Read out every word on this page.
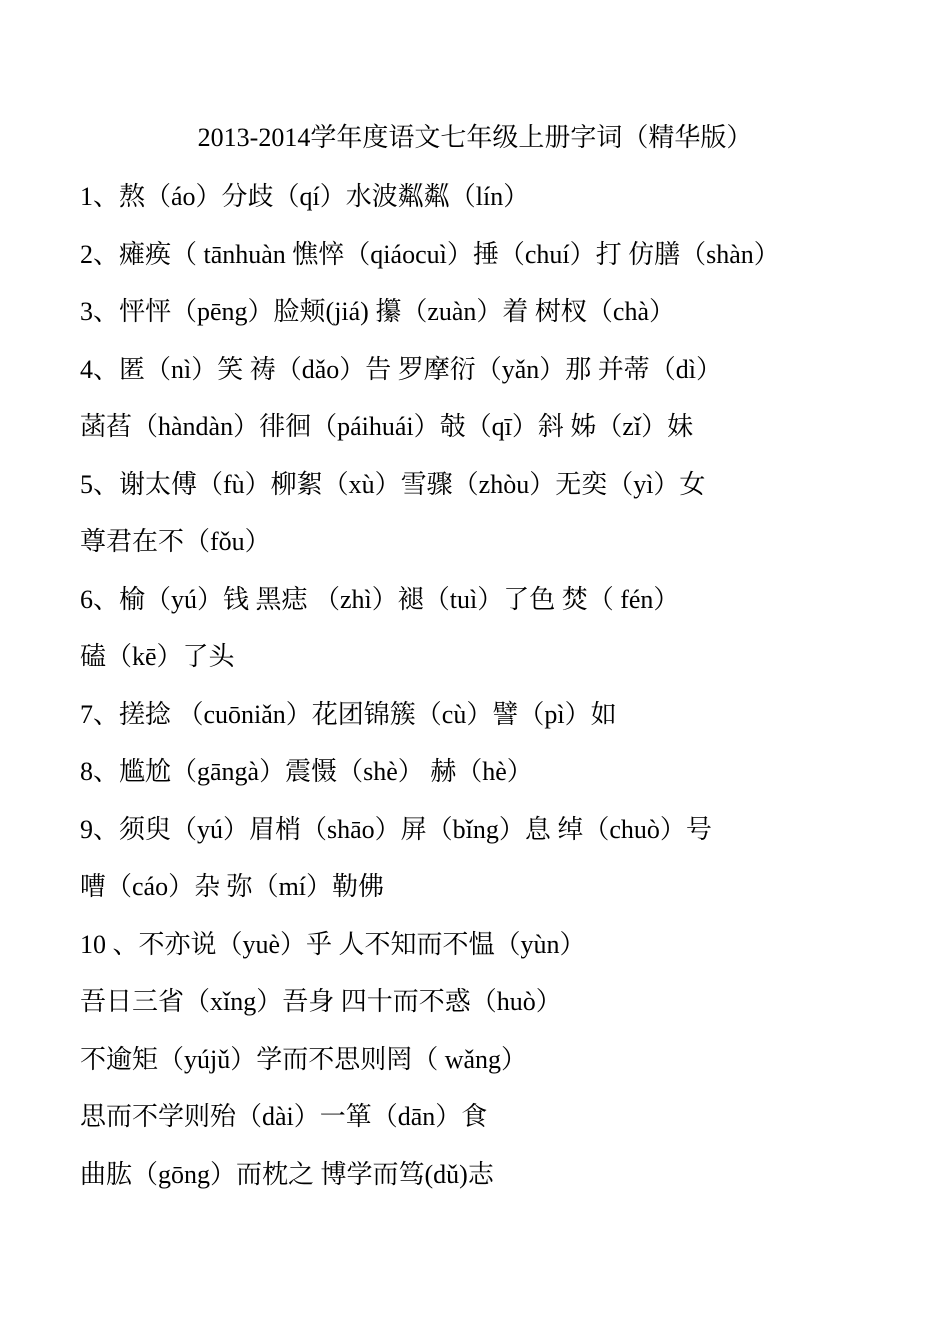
2013-2014学年度语文七年级上册字词（精华版）
1、熬（áo）分歧（qí）水波粼粼（lín）
2、瘫痪（ tānhuàn 憔悴（qiáocuì）捶（chuí）打 仿膳（shàn）
3、怦怦（pēng）脸颊(jiá) 攥（zuàn）着 树杈（chà）
4、匿（nì）笑 祷（dǎo）告 罗摩衍（yǎn）那 并蒂（dì）
菡萏（hàndàn）徘徊（páihuái）攲（qī）斜 姊（zǐ）妹
5、谢太傅（fù）柳絮（xù）雪骤（zhòu）无奕（yì）女
尊君在不（fǒu）
6、榆（yú）钱 黑痣 （zhì）褪（tuì）了色 焚（ fén）
磕（kē）了头
7、搓捻 （cuōniǎn）花团锦簇（cù）譬（pì）如
8、尴尬（gāngà）震慑（shè） 赫（hè）
9、须臾（yú）眉梢（shāo）屏（bǐng）息 绰（chuò）号
嘈（cáo）杂 弥（mí）勒佛
10 、不亦说（yuè）乎 人不知而不愠（yùn）
吾日三省（xǐng）吾身 四十而不惑（huò）
不逾矩（yújǔ）学而不思则罔（ wǎng）
思而不学则殆（dài）一箪（dān）食
曲肱（gōng）而枕之 博学而笃(dǔ)志
